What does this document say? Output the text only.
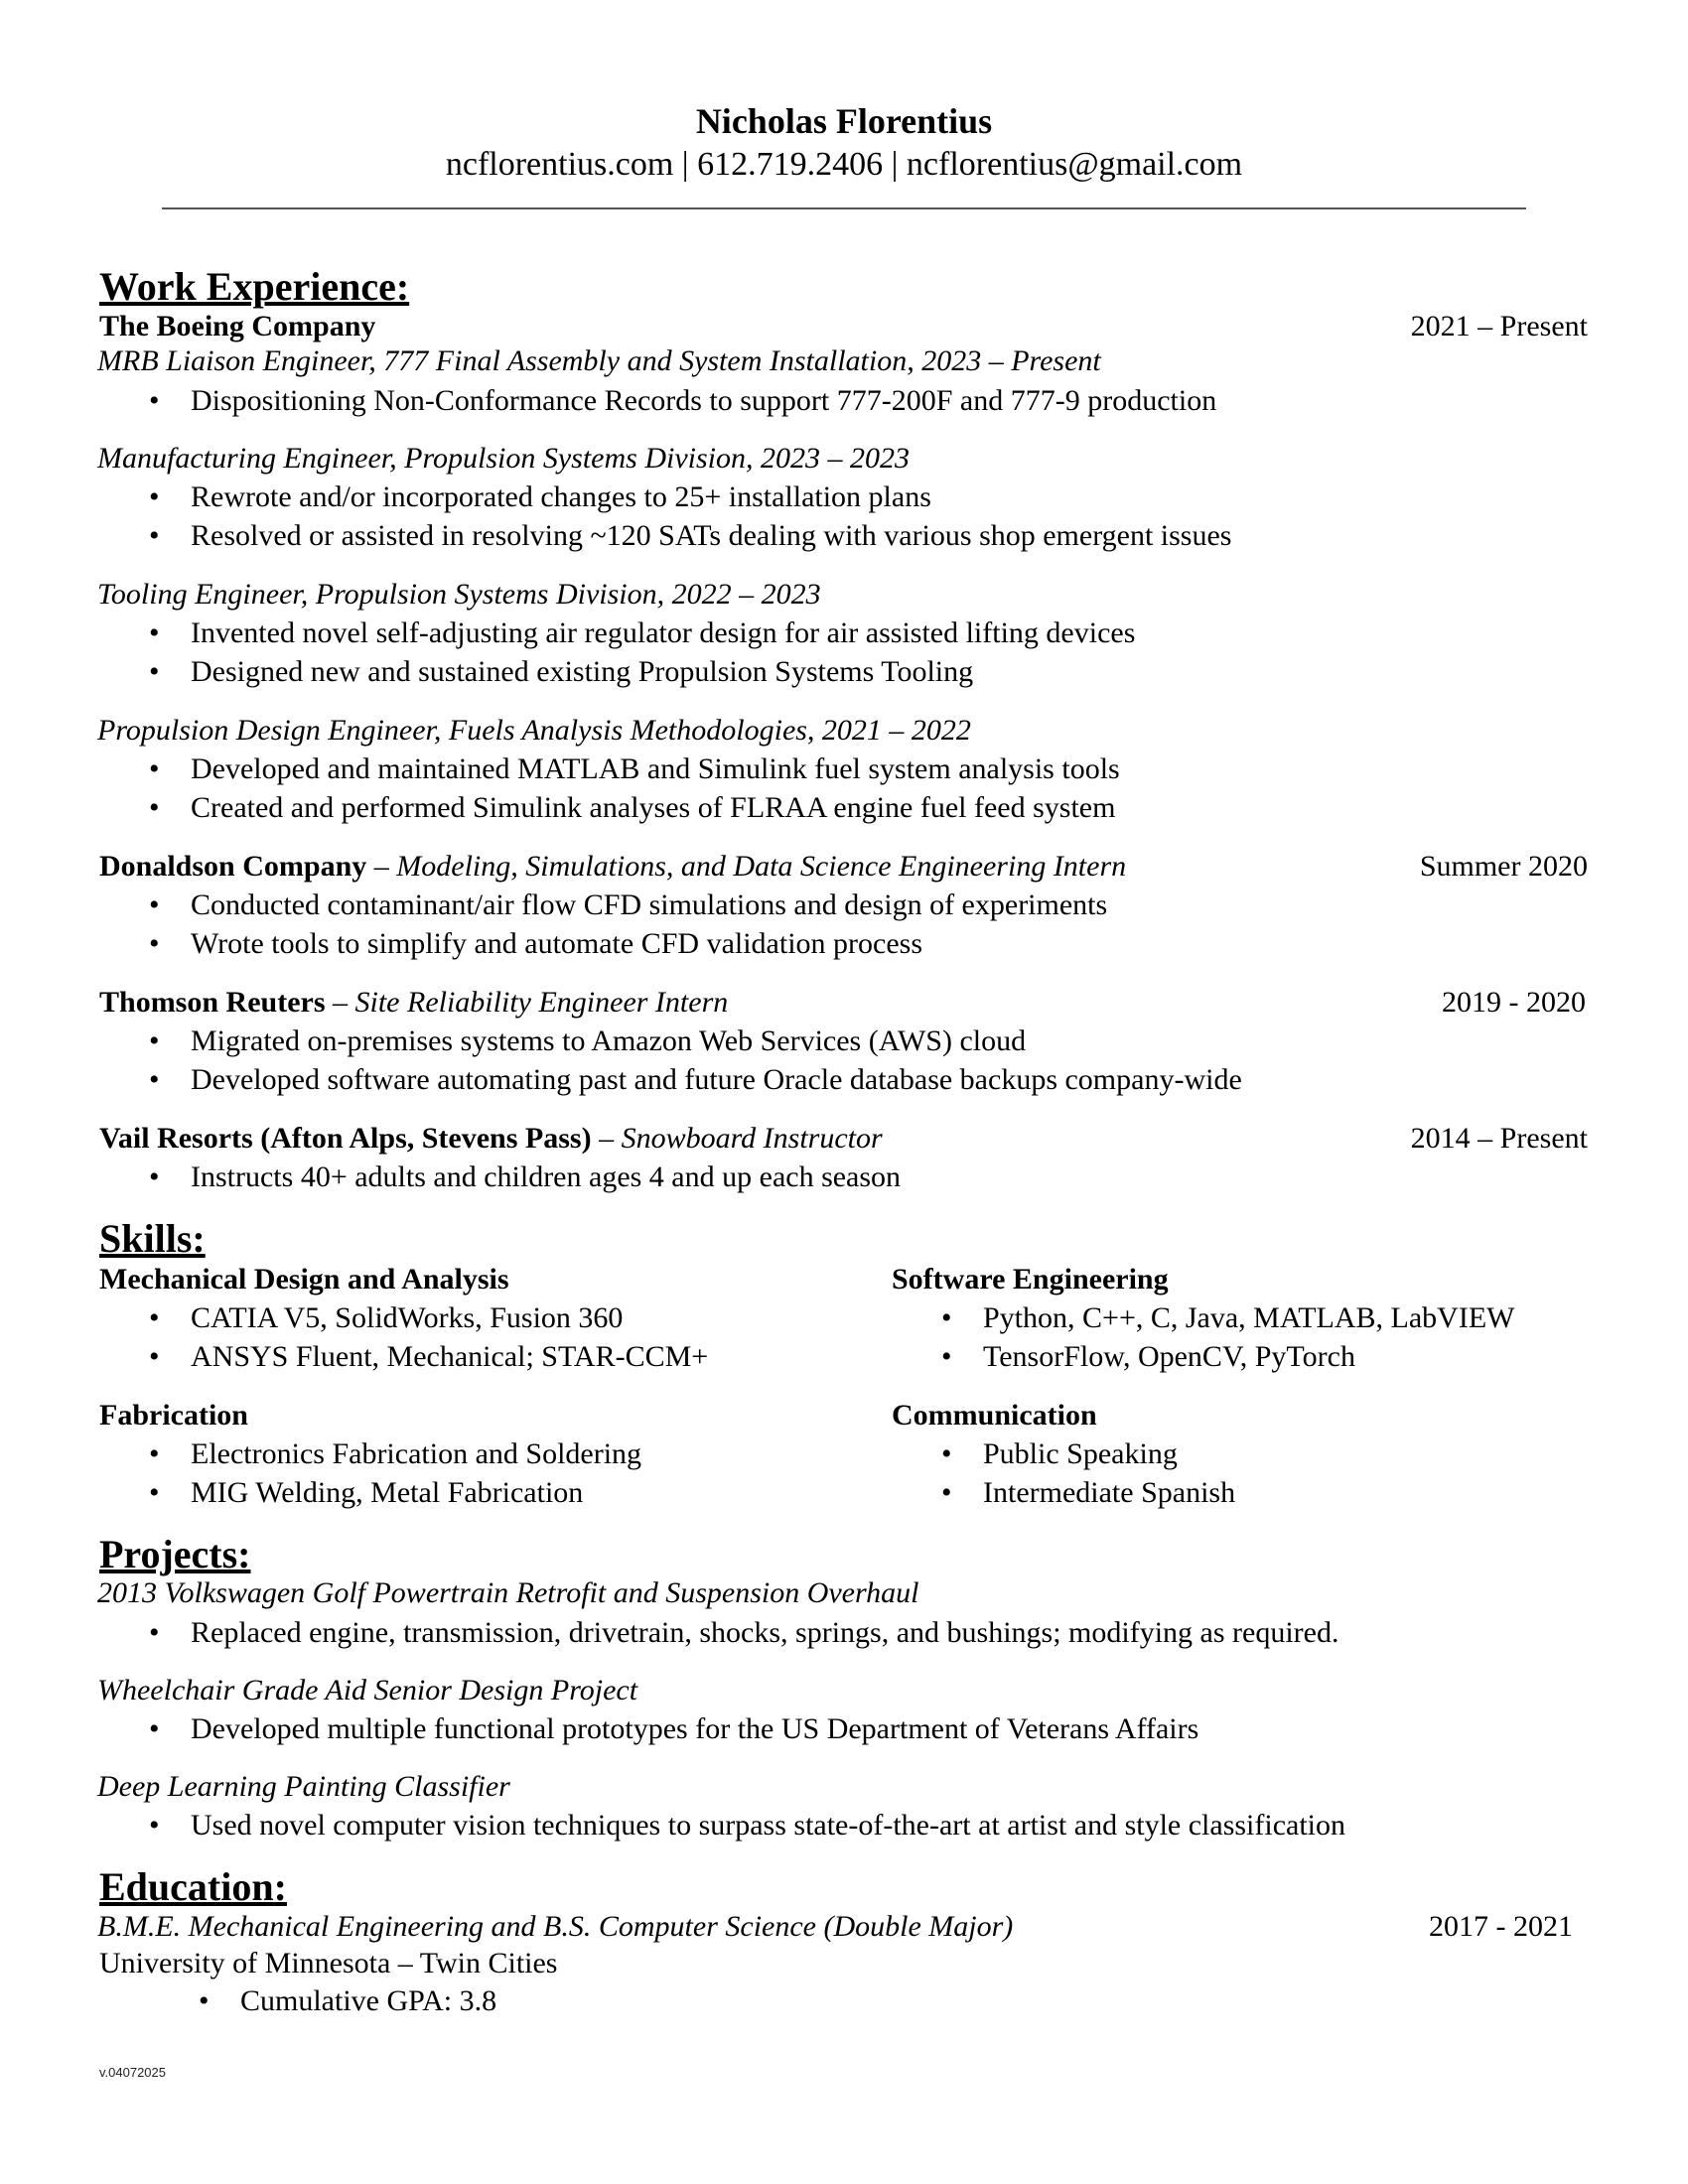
Nicholas Florentius
ncflorentius.com | 612.719.2406 | ncflorentius@gmail.com
Work Experience:
The Boeing Company	2021 – Present
MRB Liaison Engineer, 777 Final Assembly and System Installation, 2023 – Present
• Dispositioning Non-Conformance Records to support 777-200F and 777-9 production
Manufacturing Engineer, Propulsion Systems Division, 2023 – 2023
• Rewrote and/or incorporated changes to 25+ installation plans
• Resolved or assisted in resolving ~120 SATs dealing with various shop emergent issues
Tooling Engineer, Propulsion Systems Division, 2022 – 2023
• Invented novel self-adjusting air regulator design for air assisted lifting devices
• Designed new and sustained existing Propulsion Systems Tooling
Propulsion Design Engineer, Fuels Analysis Methodologies, 2021 – 2022
• Developed and maintained MATLAB and Simulink fuel system analysis tools
• Created and performed Simulink analyses of FLRAA engine fuel feed system
Donaldson Company – Modeling, Simulations, and Data Science Engineering Intern	Summer 2020
• Conducted contaminant/air flow CFD simulations and design of experiments
• Wrote tools to simplify and automate CFD validation process
Thomson Reuters – Site Reliability Engineer Intern	2019 - 2020
• Migrated on-premises systems to Amazon Web Services (AWS) cloud
• Developed software automating past and future Oracle database backups company-wide
Vail Resorts (Afton Alps, Stevens Pass) – Snowboard Instructor	2014 – Present
• Instructs 40+ adults and children ages 4 and up each season
Skills:
Mechanical Design and Analysis
• CATIA V5, SolidWorks, Fusion 360
• ANSYS Fluent, Mechanical; STAR-CCM+
Software Engineering
• Python, C++, C, Java, MATLAB, LabVIEW
• TensorFlow, OpenCV, PyTorch
Fabrication
• Electronics Fabrication and Soldering
• MIG Welding, Metal Fabrication
Communication
• Public Speaking
• Intermediate Spanish
Projects:
2013 Volkswagen Golf Powertrain Retrofit and Suspension Overhaul
• Replaced engine, transmission, drivetrain, shocks, springs, and bushings; modifying as required.
Wheelchair Grade Aid Senior Design Project
• Developed multiple functional prototypes for the US Department of Veterans Affairs
Deep Learning Painting Classifier
• Used novel computer vision techniques to surpass state-of-the-art at artist and style classification
Education:
B.M.E. Mechanical Engineering and B.S. Computer Science (Double Major)	2017 - 2021
University of Minnesota – Twin Cities
• Cumulative GPA: 3.8
v.04072025
